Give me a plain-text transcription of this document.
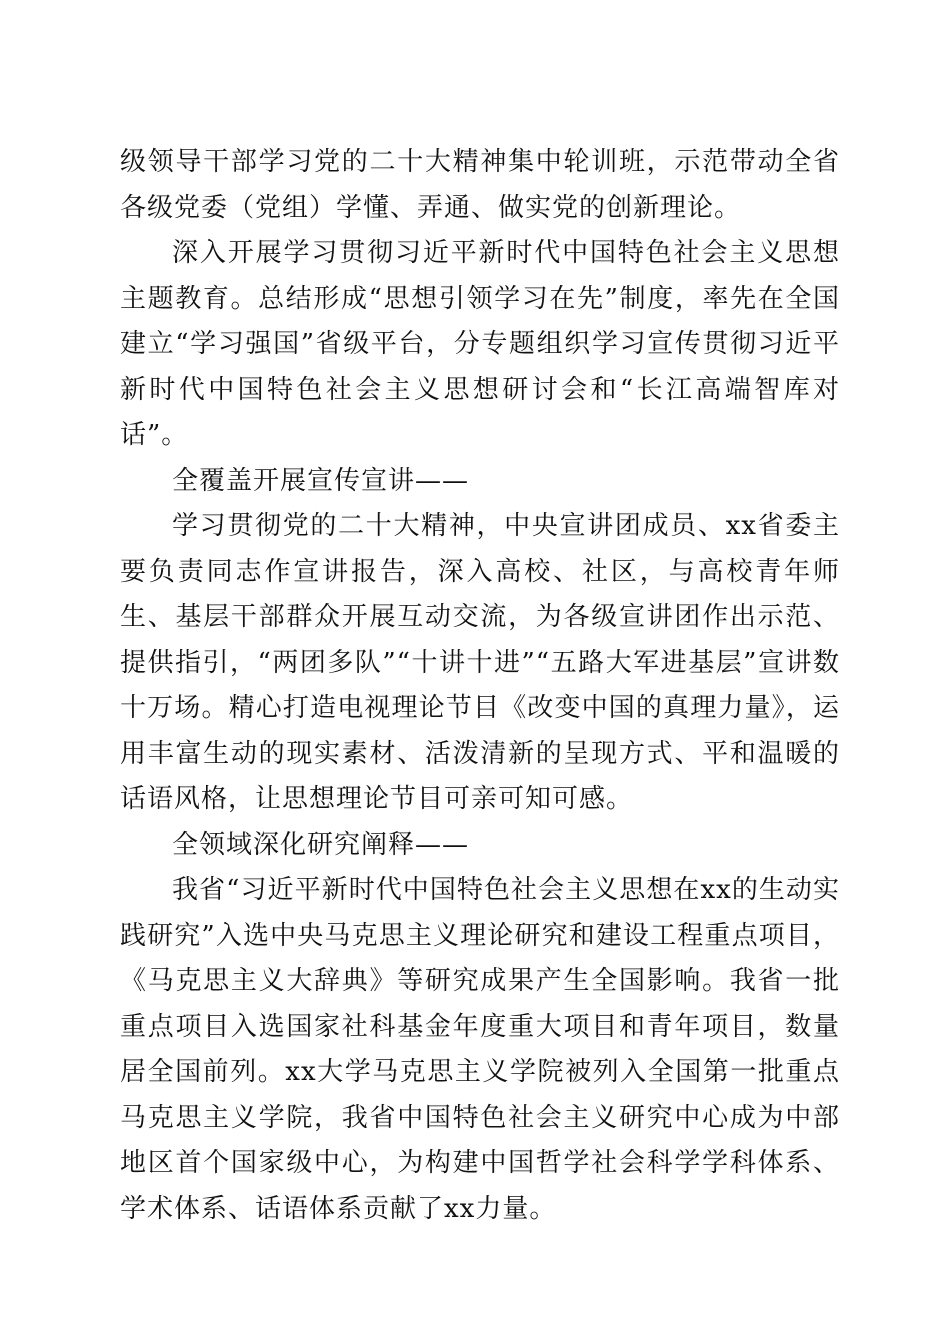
级领导干部学习党的二十大精神集中轮训班，示范带动全省各级党委（党组）学懂、弄通、做实党的创新理论。

深入开展学习贯彻习近平新时代中国特色社会主义思想主题教育。总结形成“思想引领学习在先”制度，率先在全国建立“学习强国”省级平台，分专题组织学习宣传贯彻习近平新时代中国特色社会主义思想研讨会和“长江高端智库对话”。

全覆盖开展宣传宣讲——

学习贯彻党的二十大精神，中央宣讲团成员、xx省委主要负责同志作宣讲报告，深入高校、社区，与高校青年师生、基层干部群众开展互动交流，为各级宣讲团作出示范、提供指引，“两团多队”“十讲十进”“五路大军进基层”宣讲数十万场。精心打造电视理论节目《改变中国的真理力量》，运用丰富生动的现实素材、活泼清新的呈现方式、平和温暖的话语风格，让思想理论节目可亲可知可感。

全领域深化研究阐释——

我省“习近平新时代中国特色社会主义思想在xx的生动实践研究”入选中央马克思主义理论研究和建设工程重点项目，《马克思主义大辞典》等研究成果产生全国影响。我省一批重点项目入选国家社科基金年度重大项目和青年项目，数量居全国前列。xx大学马克思主义学院被列入全国第一批重点马克思主义学院，我省中国特色社会主义研究中心成为中部地区首个国家级中心，为构建中国哲学社会科学学科体系、学术体系、话语体系贡献了xx力量。
